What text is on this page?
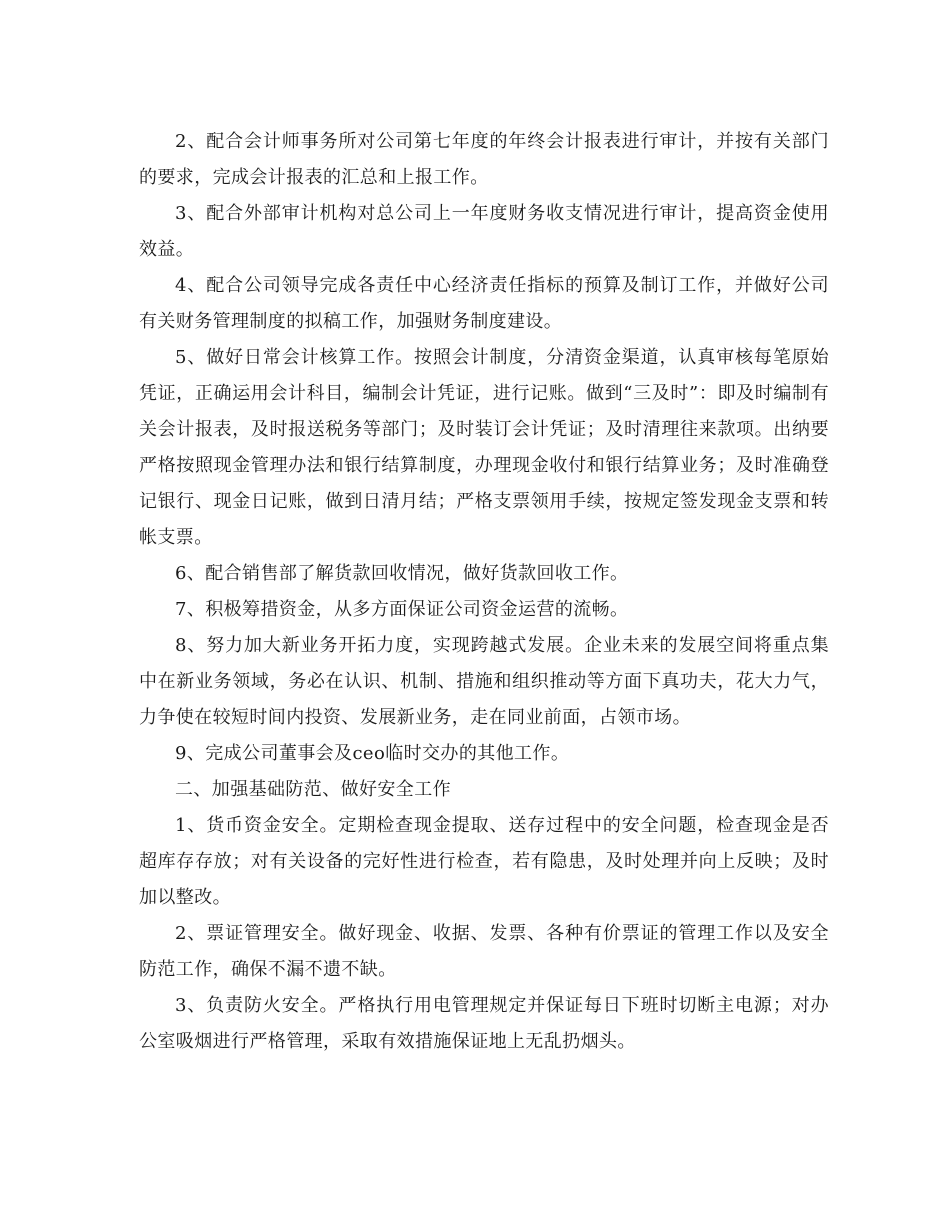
2、配合会计师事务所对公司第七年度的年终会计报表进行审计，并按有关部门的要求，完成会计报表的汇总和上报工作。

3、配合外部审计机构对总公司上一年度财务收支情况进行审计，提高资金使用效益。

4、配合公司领导完成各责任中心经济责任指标的预算及制订工作，并做好公司有关财务管理制度的拟稿工作，加强财务制度建设。

5、做好日常会计核算工作。按照会计制度，分清资金渠道，认真审核每笔原始凭证，正确运用会计科目，编制会计凭证，进行记账。做到“三及时”：即及时编制有关会计报表，及时报送税务等部门；及时装订会计凭证；及时清理往来款项。出纳要严格按照现金管理办法和银行结算制度，办理现金收付和银行结算业务；及时准确登记银行、现金日记账，做到日清月结；严格支票领用手续，按规定签发现金支票和转帐支票。

6、配合销售部了解货款回收情况，做好货款回收工作。

7、积极筹措资金，从多方面保证公司资金运营的流畅。

8、努力加大新业务开拓力度，实现跨越式发展。企业未来的发展空间将重点集中在新业务领域，务必在认识、机制、措施和组织推动等方面下真功夫，花大力气，力争使在较短时间内投资、发展新业务，走在同业前面，占领市场。

9、完成公司董事会及ceo临时交办的其他工作。

二、加强基础防范、做好安全工作

1、货币资金安全。定期检查现金提取、送存过程中的安全问题，检查现金是否超库存存放；对有关设备的完好性进行检查，若有隐患，及时处理并向上反映；及时加以整改。

2、票证管理安全。做好现金、收据、发票、各种有价票证的管理工作以及安全防范工作，确保不漏不遗不缺。

3、负责防火安全。严格执行用电管理规定并保证每日下班时切断主电源；对办公室吸烟进行严格管理，采取有效措施保证地上无乱扔烟头。
